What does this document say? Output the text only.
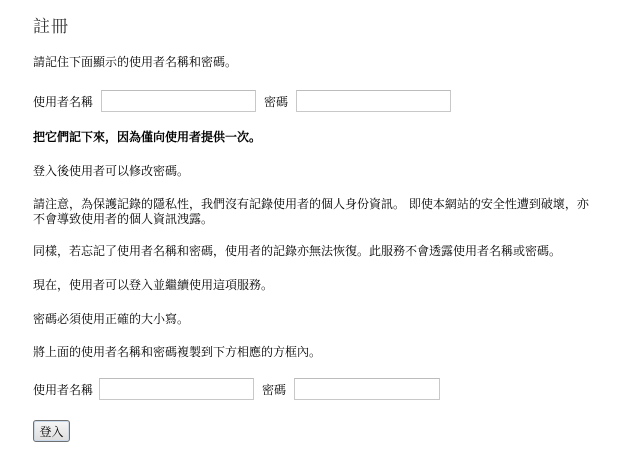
註冊
請記住下面顯示的使用者名稱和密碼。
使用者名稱	密碼
把它們記下來，因為僅向使用者提供一次。
登入後使用者可以修改密碼。
請注意，為保護記錄的隱私性，我們沒有記錄使用者的個人身份資訊。 即使本網站的安全性遭到破壞，亦不會導致使用者的個人資訊洩露。
同樣，若忘記了使用者名稱和密碼，使用者的記錄亦無法恢復。此服務不會透露使用者名稱或密碼。
現在，使用者可以登入並繼續使用這項服務。
密碼必須使用正確的大小寫。
將上面的使用者名稱和密碼複製到下方相應的方框內。
使用者名稱	密碼
登入
